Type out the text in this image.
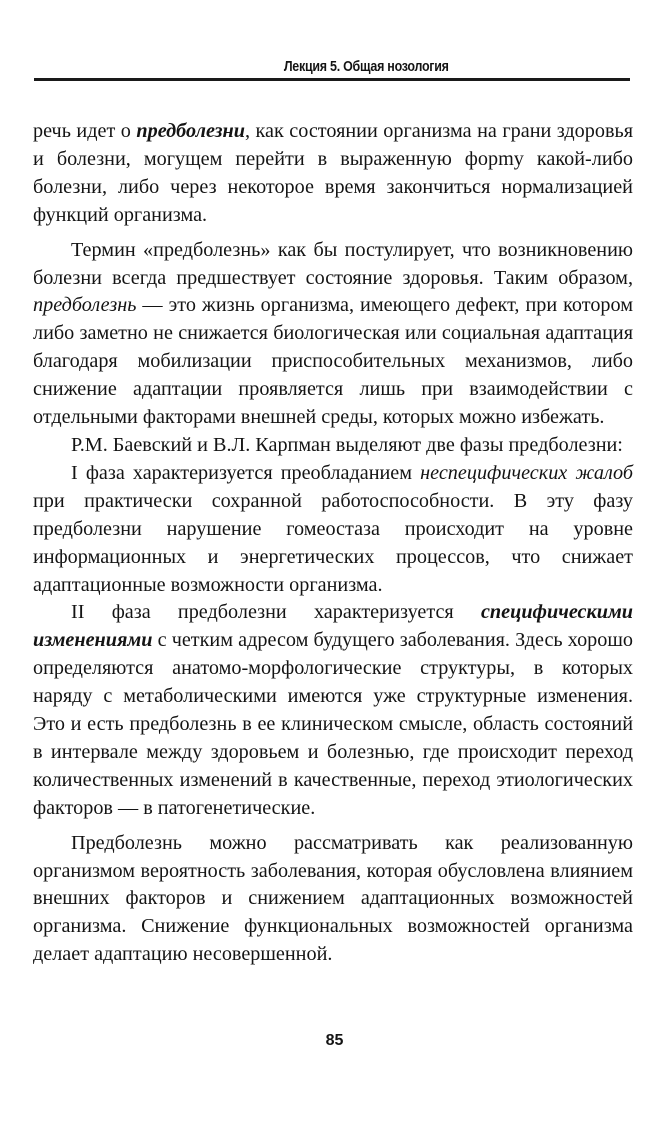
Лекция 5. Общая нозология

речь идет о предболезни, как состоянии организма на грани здоровья и болезни, могущем перейти в выраженную форmу какой-либо болезни, либо через некоторое время закончиться нормализацией функций организма.

Термин «предболезнь» как бы постулирует, что возникновению болезни всегда предшествует состояние здоровья. Таким образом, предболезнь — это жизнь организма, имеющего дефект, при котором либо заметно не снижается биологическая или социальная адаптация благодаря мобилизации приспособительных механизмов, либо снижение адаптации проявляется лишь при взаимодействии с отдельными факторами внешней среды, которых можно избежать.

Р.М. Баевский и В.Л. Карпман выделяют две фазы предболезни:

I фаза характеризуется преобладанием неспецифических жалоб при практически сохранной работоспособности. В эту фазу предболезни нарушение гомеостаза происходит на уровне информационных и энергетических процессов, что снижает адаптационные возможности организма.

II фаза предболезни характеризуется специфическими изменениями с четким адресом будущего заболевания. Здесь хорошо определяются анатомо-морфологические структуры, в которых наряду с метаболическими имеются уже структурные изменения. Это и есть предболезнь в ее клиническом смысле, область состояний в интервале между здоровьем и болезнью, где происходит переход количественных изменений в качественные, переход этиологических факторов — в патогенетические.

Предболезнь можно рассматривать как реализованную организмом вероятность заболевания, которая обусловлена влиянием внешних факторов и снижением адаптационных возможностей организма. Снижение функциональных возможностей организма делает адаптацию несовершенной.

85
